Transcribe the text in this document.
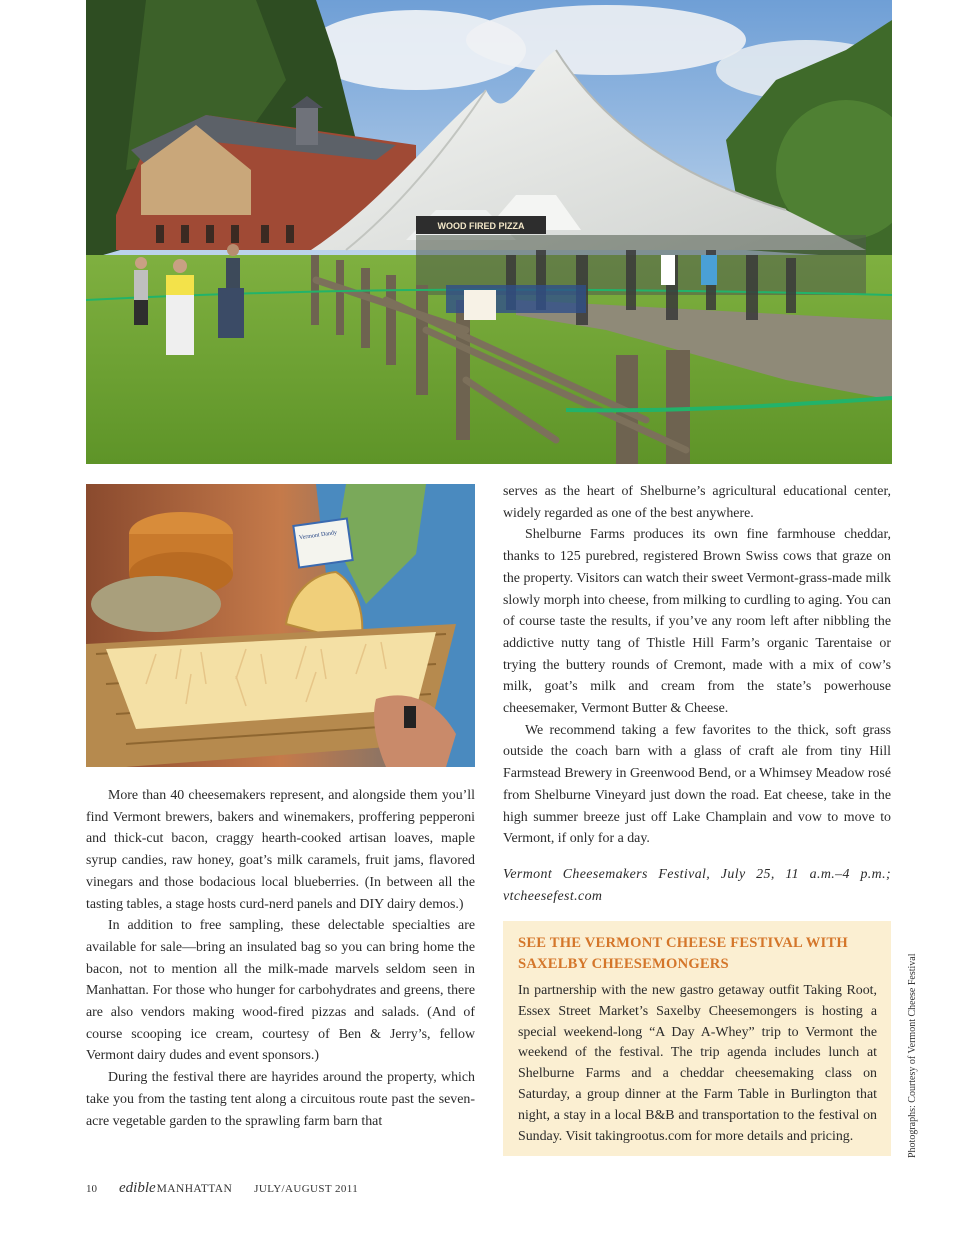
WOOD FIRED PIZZA
Vermont Dandy

More than 40 cheesemakers represent, and alongside them you’ll find Vermont brewers, bakers and winemakers, proffering pepperoni and thick-cut bacon, craggy hearth-cooked artisan loaves, maple syrup candies, raw honey, goat’s milk caramels, fruit jams, flavored vinegars and those bodacious local blueberries. (In between all the tasting tables, a stage hosts curd-nerd panels and DIY dairy demos.)

In addition to free sampling, these delectable specialties are available for sale—bring an insulated bag so you can bring home the bacon, not to mention all the milk-made marvels seldom seen in Manhattan. For those who hunger for carbohydrates and greens, there are also vendors making wood-fired pizzas and salads. (And of course scooping ice cream, courtesy of Ben & Jerry’s, fellow Vermont dairy dudes and event sponsors.)

During the festival there are hayrides around the property, which take you from the tasting tent along a circuitous route past the seven-acre vegetable garden to the sprawling farm barn that

serves as the heart of Shelburne’s agricultural educational center, widely regarded as one of the best anywhere.

Shelburne Farms produces its own fine farmhouse cheddar, thanks to 125 purebred, registered Brown Swiss cows that graze on the property. Visitors can watch their sweet Vermont-grass-made milk slowly morph into cheese, from milking to curdling to aging. You can of course taste the results, if you’ve any room left after nibbling the addictive nutty tang of Thistle Hill Farm’s organic Tarentaise or trying the buttery rounds of Cremont, made with a mix of cow’s milk, goat’s milk and cream from the state’s powerhouse cheesemaker, Vermont Butter & Cheese.

We recommend taking a few favorites to the thick, soft grass outside the coach barn with a glass of craft ale from tiny Hill Farmstead Brewery in Greenwood Bend, or a Whimsey Meadow rosé from Shelburne Vineyard just down the road. Eat cheese, take in the high summer breeze just off Lake Champlain and vow to move to Vermont, if only for a day.

Vermont Cheesemakers Festival, July 25, 11 a.m.–4 p.m.; vtcheesefest.com

SEE THE VERMONT CHEESE FESTIVAL WITH SAXELBY CHEESEMONGERS

In partnership with the new gastro getaway outfit Taking Root, Essex Street Market’s Saxelby Cheesemongers is hosting a special weekend-long “A Day A-Whey” trip to Vermont the weekend of the festival. The trip agenda includes lunch at Shelburne Farms and a cheddar cheesemaking class on Saturday, a group dinner at the Farm Table in Burlington that night, a stay in a local B&B and transportation to the festival on Sunday. Visit takingrootus.com for more details and pricing.	Photographs: Courtesy of Vermont Cheese Festival
10 edible MANHATTAN JULY/AUGUST 2011
